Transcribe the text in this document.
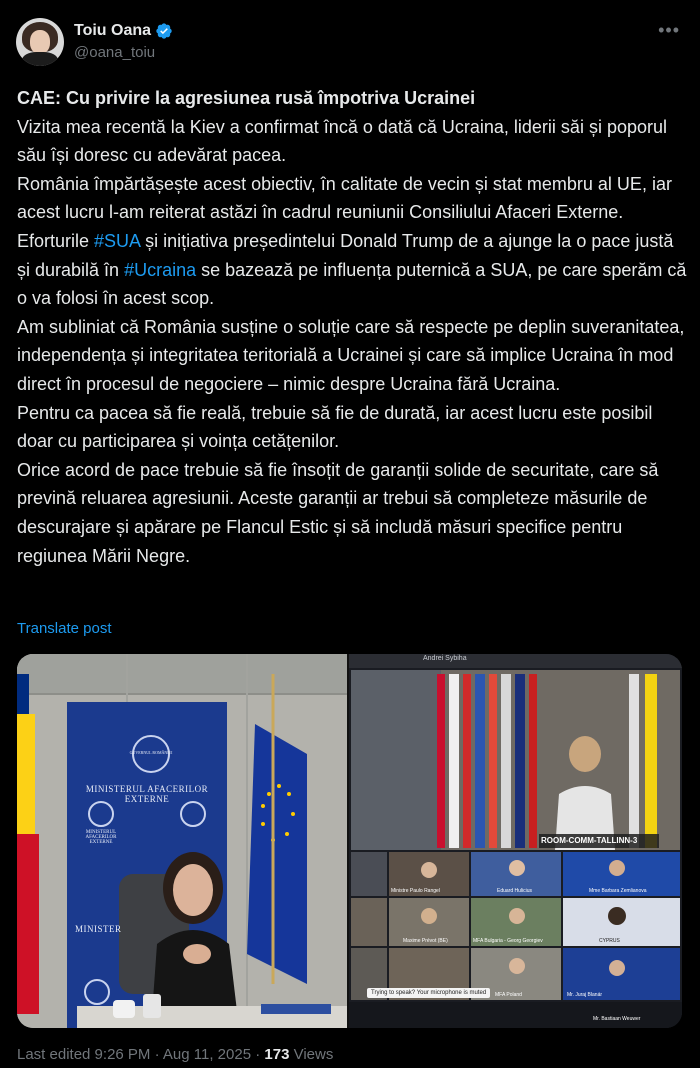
Toiu Oana
@oana_toiu
•••

CAE: Cu privire la agresiunea rusă împotriva Ucrainei

Vizita mea recentă la Kiev a confirmat încă o dată că Ucraina, liderii săi și poporul său își doresc cu adevărat pacea.

România împărtășește acest obiectiv, în calitate de vecin și stat membru al UE, iar acest lucru l-am reiterat astăzi în cadrul reuniunii Consiliului Afaceri Externe.

Eforturile #SUA și inițiativa președintelui Donald Trump de a ajunge la o pace justă și durabilă în #Ucraina se bazează pe influența puternică a SUA, pe care sperăm că o va folosi în acest scop.

Am subliniat că România susține o soluție care să respecte pe deplin suveranitatea, independența și integritatea teritorială a Ucrainei și care să implice Ucraina în mod direct în procesul de negociere – nimic despre Ucraina fără Ucraina.

Pentru ca pacea să fie reală, trebuie să fie de durată, iar acest lucru este posibil doar cu participarea și voința cetățenilor.

Orice acord de pace trebuie să fie însoțit de garanții solide de securitate, care să prevină reluarea agresiunii. Aceste garanții ar trebui să completeze măsurile de descurajare și apărare pe Flancul Estic și să includă măsuri specifice pentru regiunea Mării Negre.

Translate post
MINISTERUL AFACERILOR EXTERNE
GUVERNUL ROMÂNIEI
MINISTERUL AFACERILOR EXTERNE
MINISTER
Andrei Sybiha
ROOM-COMM-TALLINN-3
Ministre Paulo Rangel	Eduard Hulicius	Mme Barbara Zemlianova
Maxime Prévot (BE)	MFA Bulgaria - Georg Georgiev	CYPRUS
MFA Poland	Mr. Juraj Blanár
Mr. Bastiaan Weuwer
Trying to speak? Your microphone is muted
Last edited 9:26 PM · Aug 11, 2025 · 173 Views
